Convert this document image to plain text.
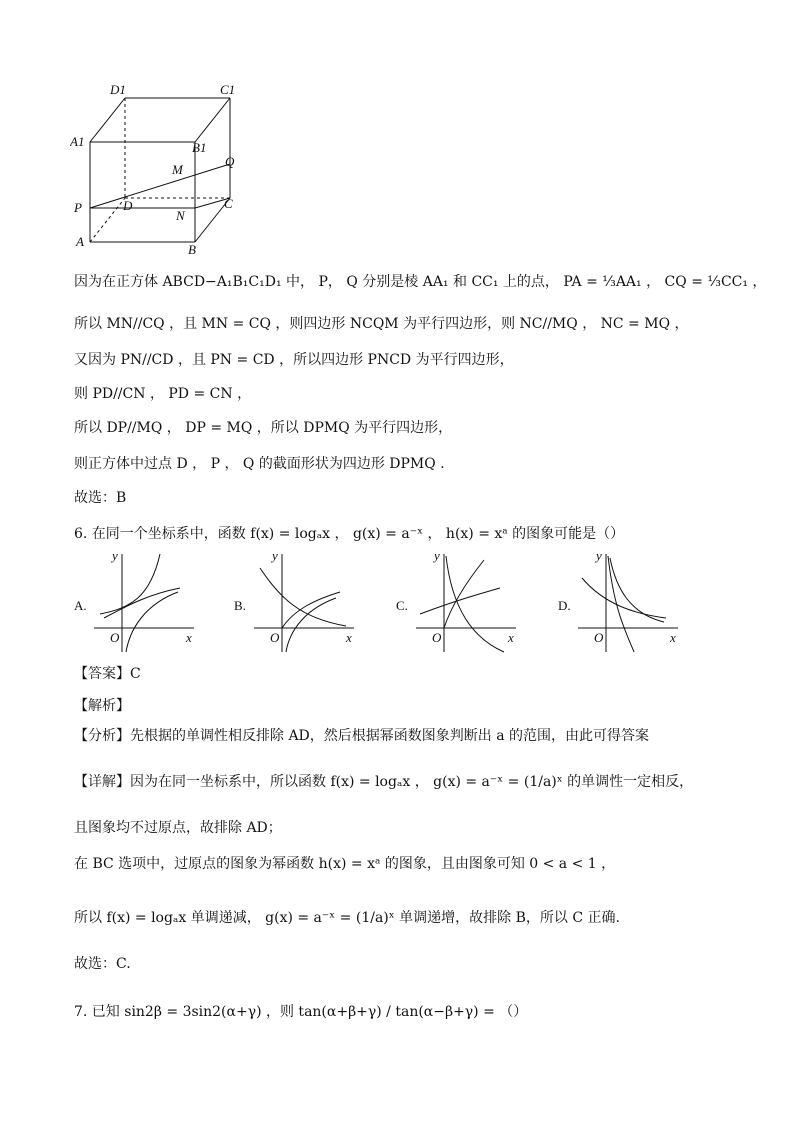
D1	C1
A1	B1
M
Q
P	D	C
N
A
B
因为在正方体 ABCD−A₁B₁C₁D₁ 中， P， Q 分别是棱 AA₁ 和 CC₁ 上的点， PA = ⅓AA₁ ， CQ = ⅓CC₁ ，
所以 MN//CQ ，且 MN = CQ ，则四边形 NCQM 为平行四边形，则 NC//MQ ， NC = MQ ，
又因为 PN//CD ，且 PN = CD ，所以四边形 PNCD 为平行四边形，
则 PD//CN ， PD = CN ，
所以 DP//MQ ， DP = MQ ，所以 DPMQ 为平行四边形，
则正方体中过点 D ， P ， Q 的截面形状为四边形 DPMQ .
故选：B
6. 在同一个坐标系中，函数 f(x) = logₐx ， g(x) = a⁻ˣ ， h(x) = xᵃ 的图象可能是（）
A.
y
O	x
B.
y
O	x
C.
y
O	x
D.
y
O	x
【答案】C
【解析】
【分析】先根据的单调性相反排除 AD，然后根据幂函数图象判断出 a 的范围，由此可得答案
【详解】因为在同一坐标系中，所以函数 f(x) = logₐx ， g(x) = a⁻ˣ = (1/a)ˣ 的单调性一定相反，
且图象均不过原点，故排除 AD；
在 BC 选项中，过原点的图象为幂函数 h(x) = xᵃ 的图象，且由图象可知 0 < a < 1 ，
所以 f(x) = logₐx 单调递减， g(x) = a⁻ˣ = (1/a)ˣ 单调递增，故排除 B，所以 C 正确.
故选：C.
7. 已知 sin2β = 3sin2(α+γ) ，则 tan(α+β+γ) / tan(α−β+γ) = （）
